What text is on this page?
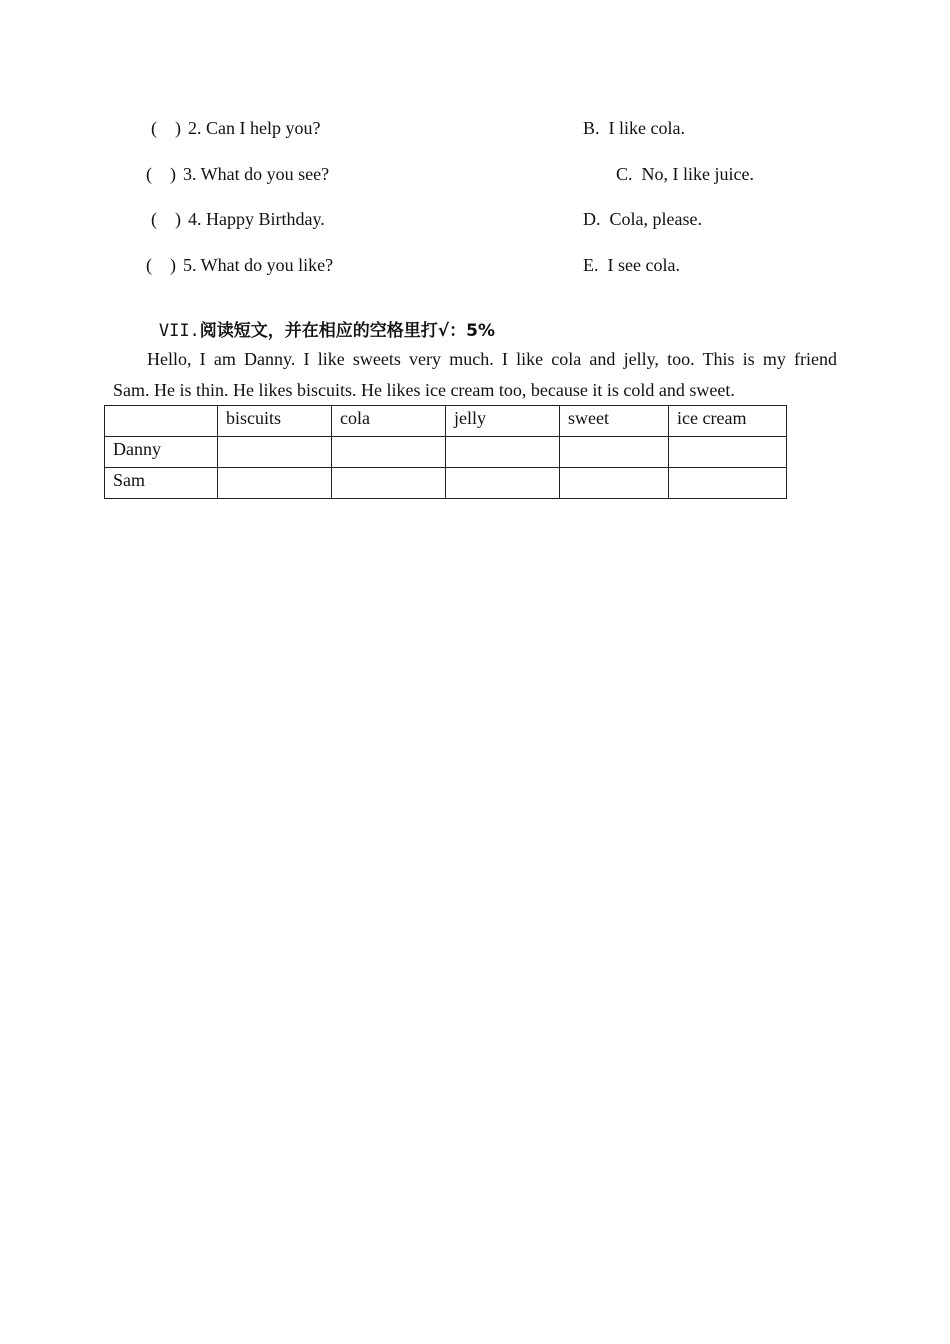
(    ) 2. Can I help you?	B.  I like cola.
(    ) 3. What do you see?	C.  No, I like juice.
(    ) 4. Happy Birthday.	D.  Cola, please.
(    ) 5. What do you like?	E.  I see cola.

VII.阅读短文，并在相应的空格里打√：5%

Hello, I am Danny. I like sweets very much. I like cola and jelly, too. This is my friend
Sam. He is thin. He likes biscuits. He likes ice cream too, because it is cold and sweet.
	biscuits	cola	jelly	sweet	ice cream
Danny					
Sam					
